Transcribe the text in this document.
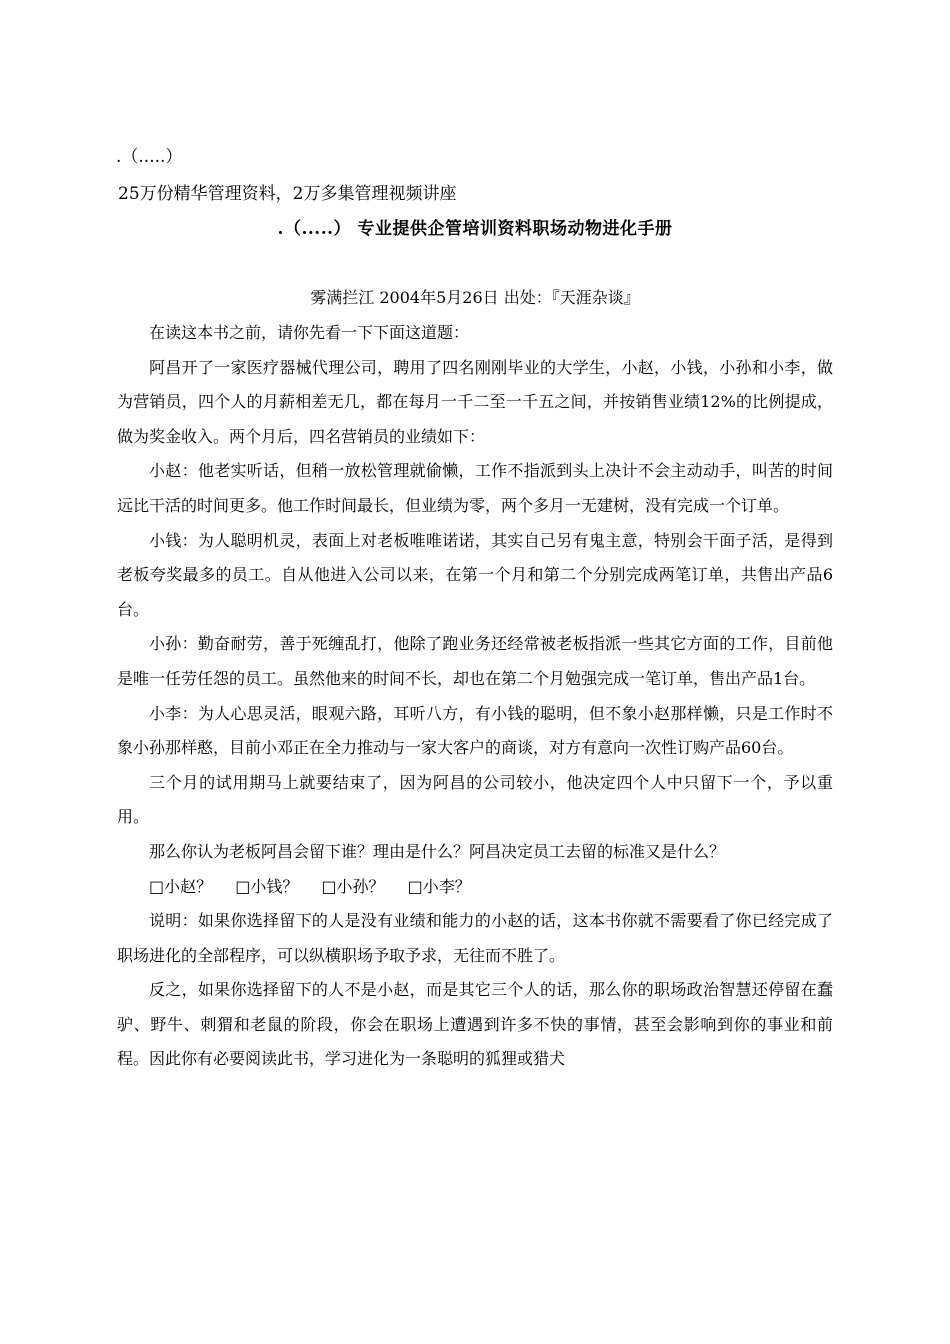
.（.....）
25万份精华管理资料，2万多集管理视频讲座
.（.....） 专业提供企管培训资料职场动物进化手册
雾满拦江 2004年5月26日 出处：『天涯杂谈』

在读这本书之前，请你先看一下下面这道题：

阿昌开了一家医疗器械代理公司，聘用了四名刚刚毕业的大学生，小赵，小钱，小孙和小李，做为营销员，四个人的月薪相差无几，都在每月一千二至一千五之间，并按销售业绩12%的比例提成，做为奖金收入。两个月后，四名营销员的业绩如下：

小赵：他老实听话，但稍一放松管理就偷懒，工作不指派到头上决计不会主动动手，叫苦的时间远比干活的时间更多。他工作时间最长，但业绩为零，两个多月一无建树，没有完成一个订单。

小钱：为人聪明机灵，表面上对老板唯唯诺诺，其实自己另有鬼主意，特别会干面子活，是得到老板夸奖最多的员工。自从他进入公司以来，在第一个月和第二个分别完成两笔订单，共售出产品6台。

小孙：勤奋耐劳，善于死缠乱打，他除了跑业务还经常被老板指派一些其它方面的工作，目前他是唯一任劳任怨的员工。虽然他来的时间不长，却也在第二个月勉强完成一笔订单，售出产品1台。

小李：为人心思灵活，眼观六路，耳听八方，有小钱的聪明，但不象小赵那样懒，只是工作时不象小孙那样憨，目前小邓正在全力推动与一家大客户的商谈，对方有意向一次性订购产品60台。

三个月的试用期马上就要结束了，因为阿昌的公司较小，他决定四个人中只留下一个，予以重用。

那么你认为老板阿昌会留下谁？理由是什么？阿昌决定员工去留的标准又是什么？

□小赵？ □小钱？ □小孙？ □小李？

说明：如果你选择留下的人是没有业绩和能力的小赵的话，这本书你就不需要看了你已经完成了职场进化的全部程序，可以纵横职场予取予求，无往而不胜了。

反之，如果你选择留下的人不是小赵，而是其它三个人的话，那么你的职场政治智慧还停留在蠢驴、野牛、刺猬和老鼠的阶段，你会在职场上遭遇到许多不快的事情，甚至会影响到你的事业和前程。因此你有必要阅读此书，学习进化为一条聪明的狐狸或猎犬
